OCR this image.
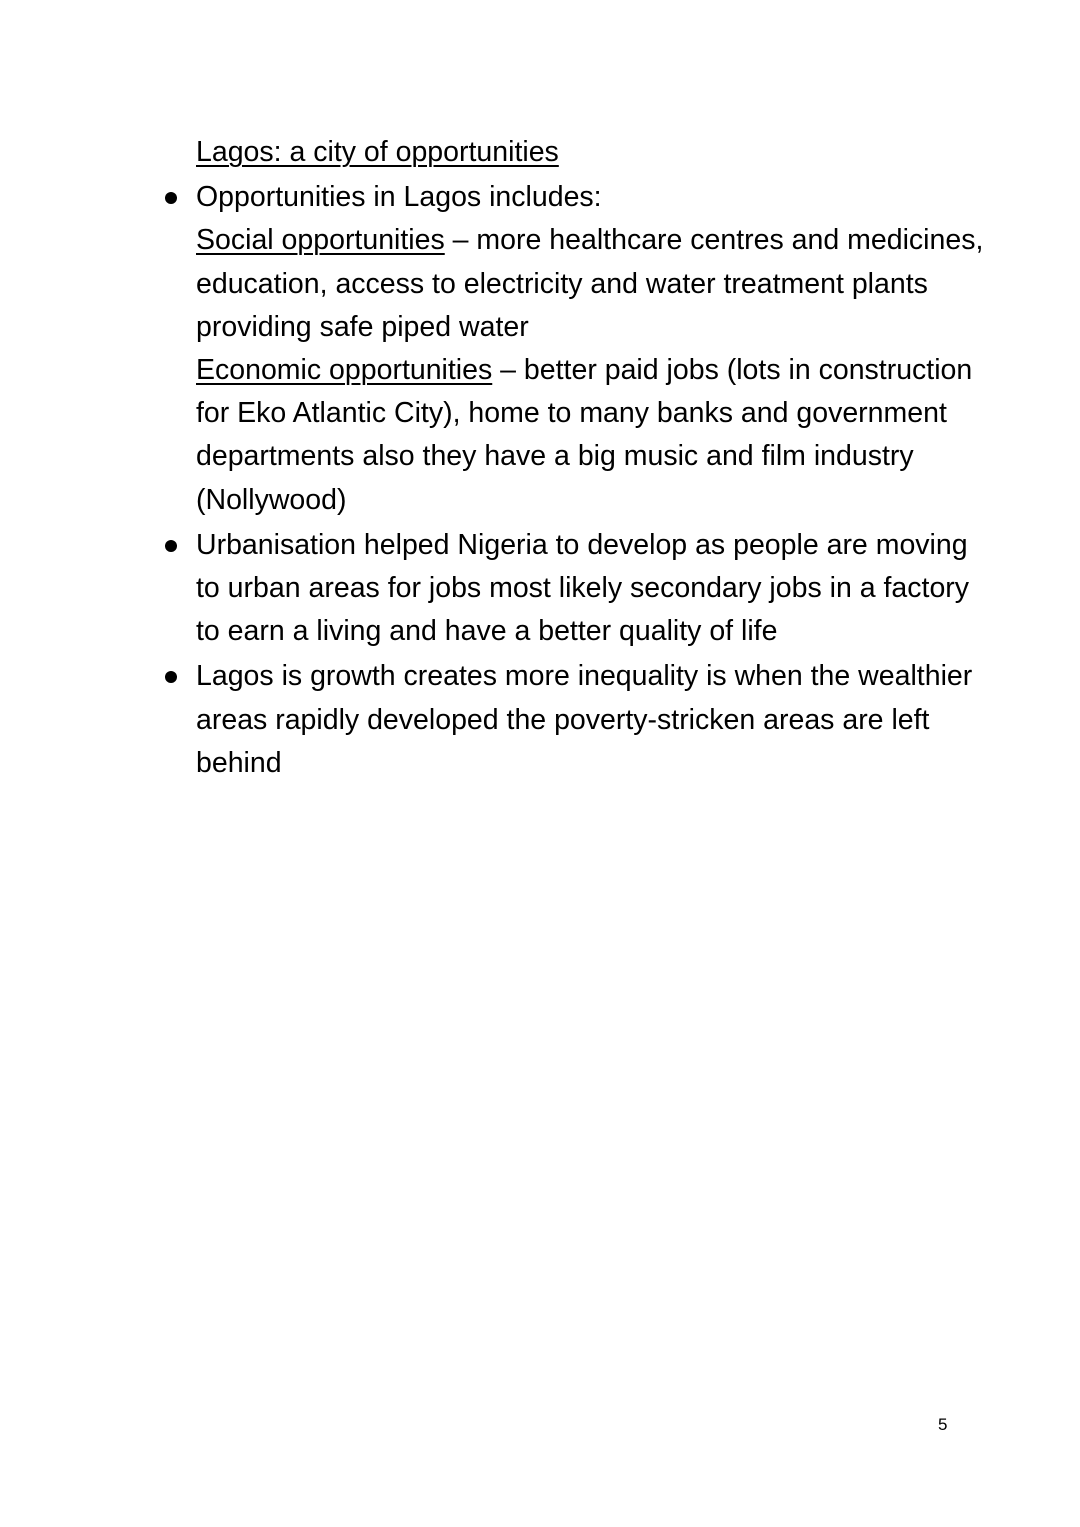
Lagos: a city of opportunities
Opportunities in Lagos includes:
Social opportunities – more healthcare centres and medicines, education, access to electricity and water treatment plants providing safe piped water
Economic opportunities – better paid jobs (lots in construction for Eko Atlantic City), home to many banks and government departments also they have a big music and film industry (Nollywood)
Urbanisation helped Nigeria to develop as people are moving to urban areas for jobs most likely secondary jobs in a factory to earn a living and have a better quality of life
Lagos is growth creates more inequality is when the wealthier areas rapidly developed the poverty-stricken areas are left behind
5
